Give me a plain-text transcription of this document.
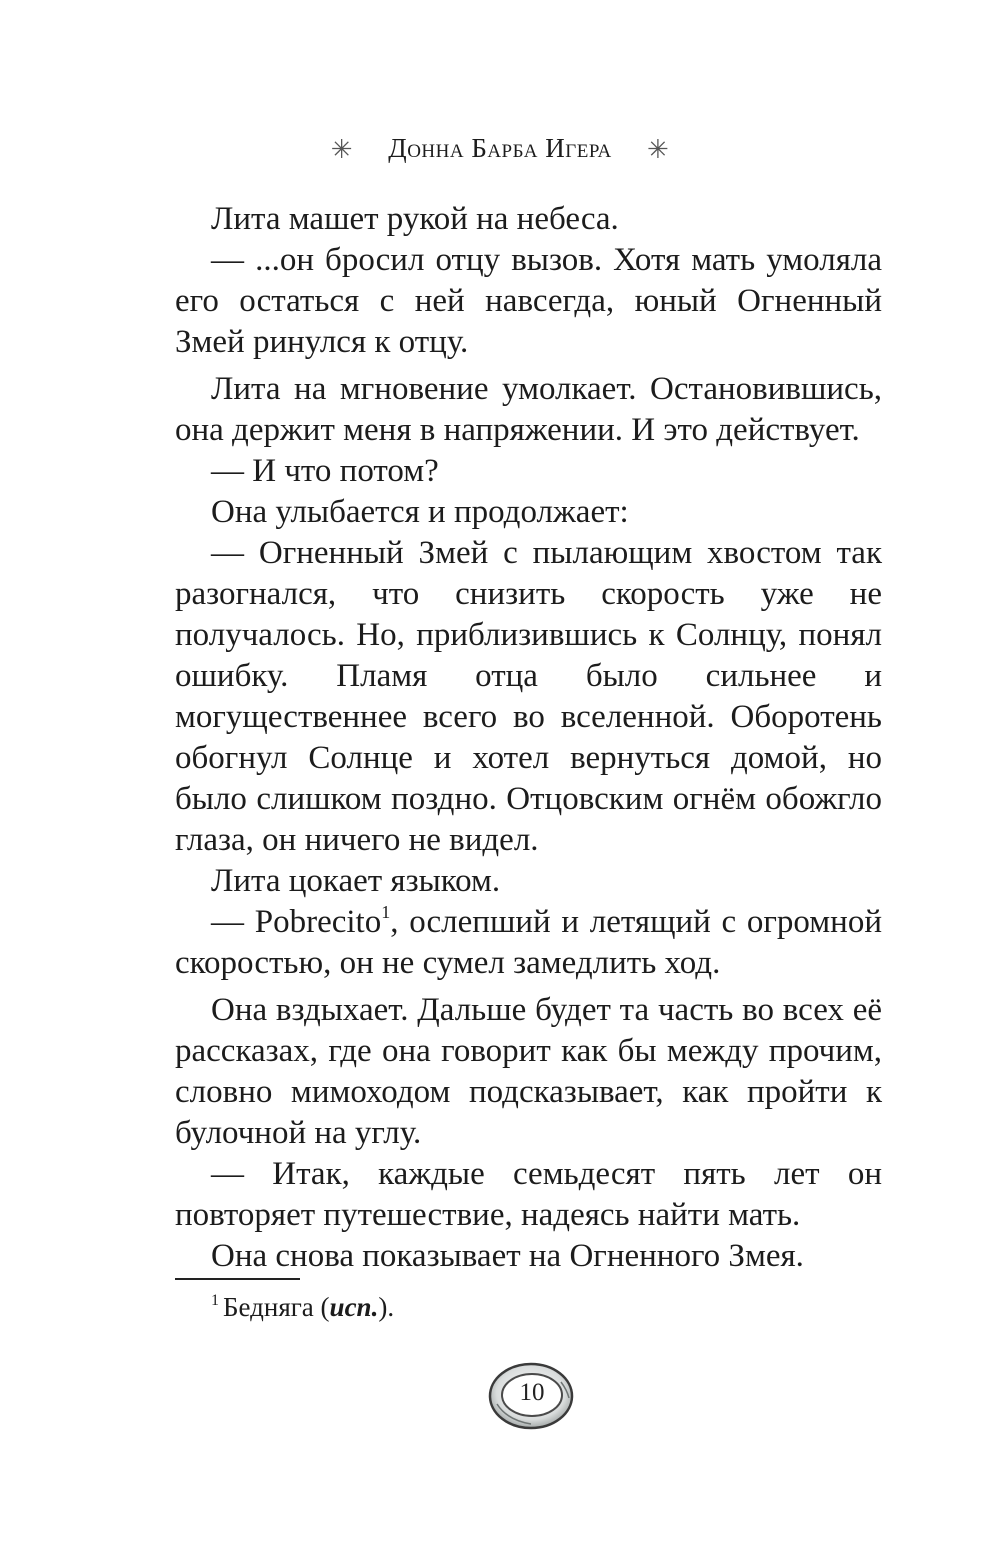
✳ Донна Барба Игера ✳

Лита машет рукой на небеса.

— ...он бросил отцу вызов. Хотя мать умоляла его остаться с ней навсегда, юный Огненный Змей ринулся к отцу.

Лита на мгновение умолкает. Остановившись, она держит меня в напряжении. И это действует.

— И что потом?

Она улыбается и продолжает:

— Огненный Змей с пылающим хвостом так разогнался, что снизить скорость уже не получалось. Но, приблизившись к Солнцу, понял ошибку. Пламя отца было сильнее и могущественнее всего во вселенной. Оборотень обогнул Солнце и хотел вернуться домой, но было слишком поздно. Отцовским огнём обожгло глаза, он ничего не видел.

Лита цокает языком.

— Pobrecito$^1$, ослепший и летящий с огромной скоростью, он не сумел замедлить ход.

Она вздыхает. Дальше будет та часть во всех её рассказах, где она говорит как бы между прочим, словно мимоходом подсказывает, как пройти к булочной на углу.

— Итак, каждые семьдесят пять лет он повторяет путешествие, надеясь найти мать.

Она снова показывает на Огненного Змея.

$^1$ Бедняга (исп.).
10
